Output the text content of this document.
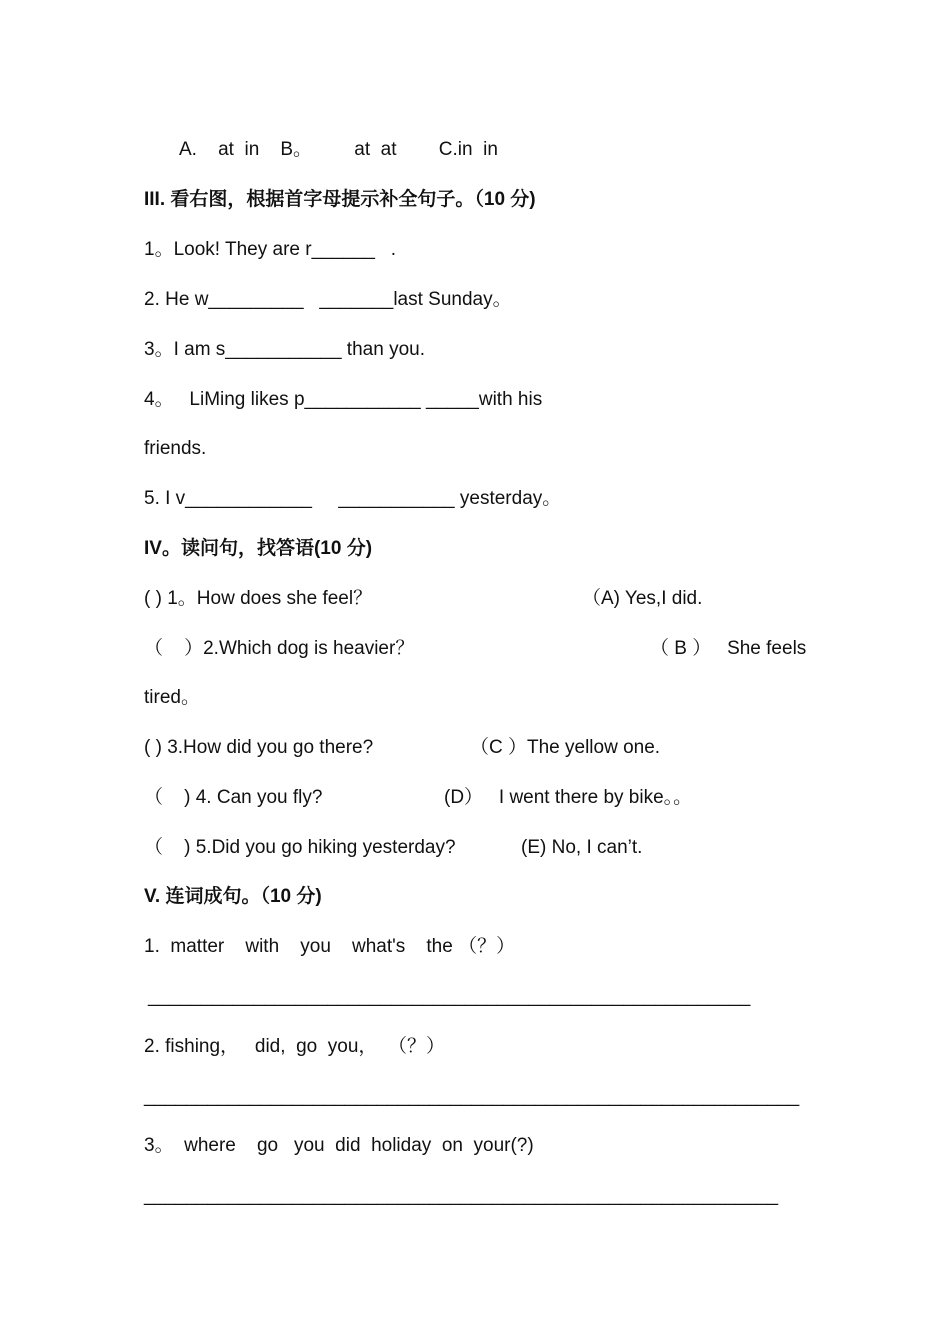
A.    at  in    B。        at  at        C.in  in
III. 看右图，根据首字母提示补全句子。（10 分)
1。Look! They are r______   .
2. He w_________   _______last Sunday。
3。I am s___________ than you.
4。   LiMing likes p___________ _____with his
friends.
5. I v____________     ___________ yesterday。
IV。读问句，找答语(10 分)
( ) 1。How does she feel？	（A) Yes,I did.
（    ）2.Which dog is heavier？	（ B ）   She feels
tired。
( ) 3.How did you go there?	（C ）The yellow one.
（    ) 4. Can you fly?	(D）   I went there by bike。。
（    ) 5.Did you go hiking yesterday?	(E) No, I can’t.
V. 连词成句。（10 分)
1.  matter    with    you    what's    the （？）
_________________________________________________________
2. fishing，   did,  go  you，  （？）
______________________________________________________________
3。  where    go   you  did  holiday  on  your(?)
____________________________________________________________
